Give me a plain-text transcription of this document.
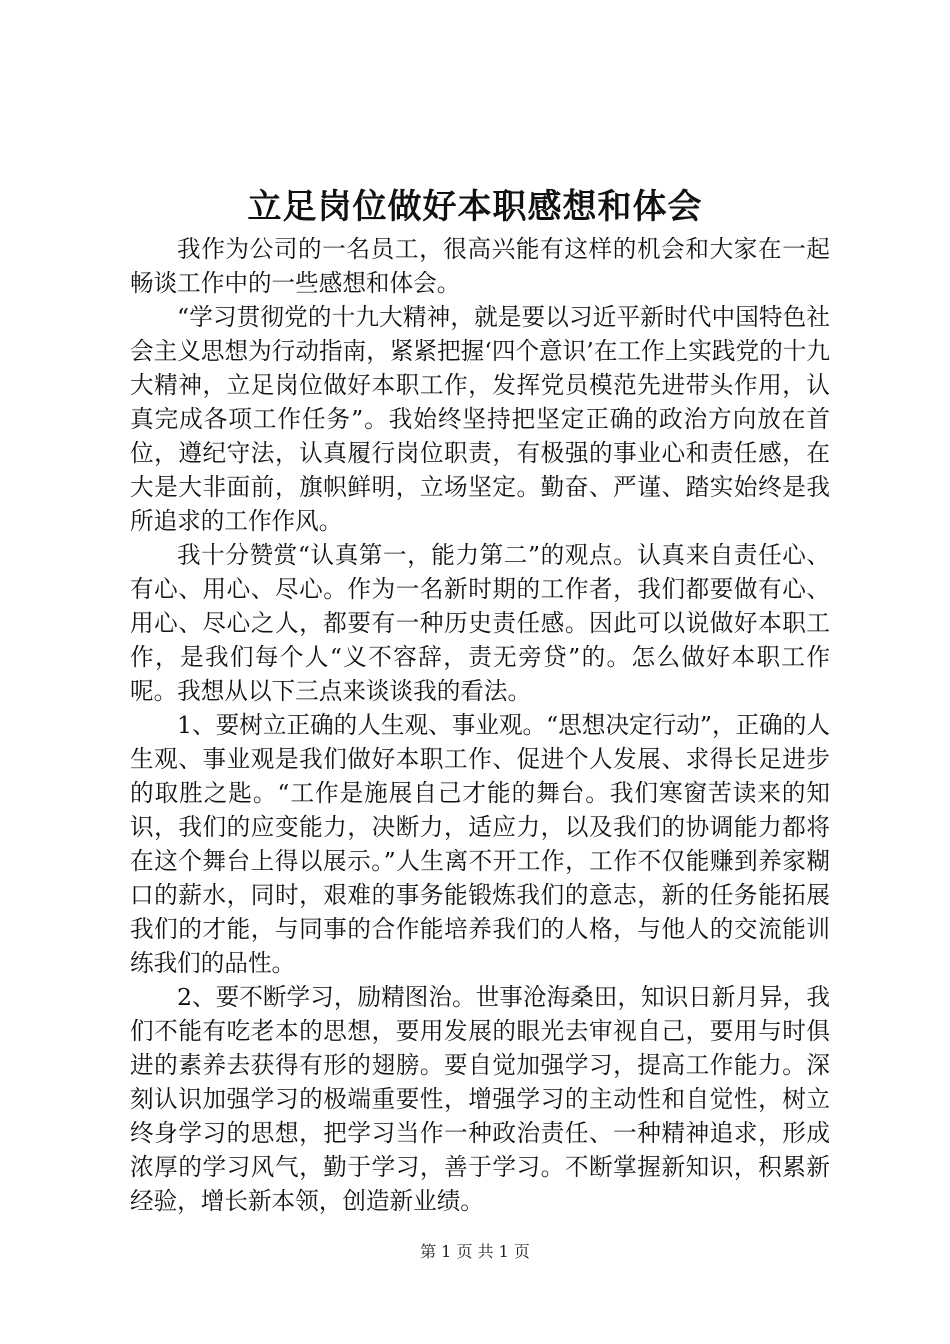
立足岗位做好本职感想和体会

我作为公司的一名员工，很高兴能有这样的机会和大家在一起畅谈工作中的一些感想和体会。

“学习贯彻党的十九大精神，就是要以习近平新时代中国特色社会主义思想为行动指南，紧紧把握‘四个意识’在工作上实践党的十九大精神，立足岗位做好本职工作，发挥党员模范先进带头作用，认真完成各项工作任务”。我始终坚持把坚定正确的政治方向放在首位，遵纪守法，认真履行岗位职责，有极强的事业心和责任感，在大是大非面前，旗帜鲜明，立场坚定。勤奋、严谨、踏实始终是我所追求的工作作风。

我十分赞赏“认真第一，能力第二”的观点。认真来自责任心、有心、用心、尽心。作为一名新时期的工作者，我们都要做有心、用心、尽心之人，都要有一种历史责任感。因此可以说做好本职工作，是我们每个人“义不容辞，责无旁贷”的。怎么做好本职工作呢。我想从以下三点来谈谈我的看法。

1、要树立正确的人生观、事业观。“思想决定行动”，正确的人生观、事业观是我们做好本职工作、促进个人发展、求得长足进步的取胜之匙。“工作是施展自己才能的舞台。我们寒窗苦读来的知识，我们的应变能力，决断力，适应力，以及我们的协调能力都将在这个舞台上得以展示。”人生离不开工作，工作不仅能赚到养家糊口的薪水，同时，艰难的事务能锻炼我们的意志，新的任务能拓展我们的才能，与同事的合作能培养我们的人格，与他人的交流能训练我们的品性。

2、要不断学习，励精图治。世事沧海桑田，知识日新月异，我们不能有吃老本的思想，要用发展的眼光去审视自己，要用与时俱进的素养去获得有形的翅膀。要自觉加强学习，提高工作能力。深刻认识加强学习的极端重要性，增强学习的主动性和自觉性，树立终身学习的思想，把学习当作一种政治责任、一种精神追求，形成浓厚的学习风气，勤于学习，善于学习。不断掌握新知识，积累新经验，增长新本领，创造新业绩。

第 1 页 共 1 页
